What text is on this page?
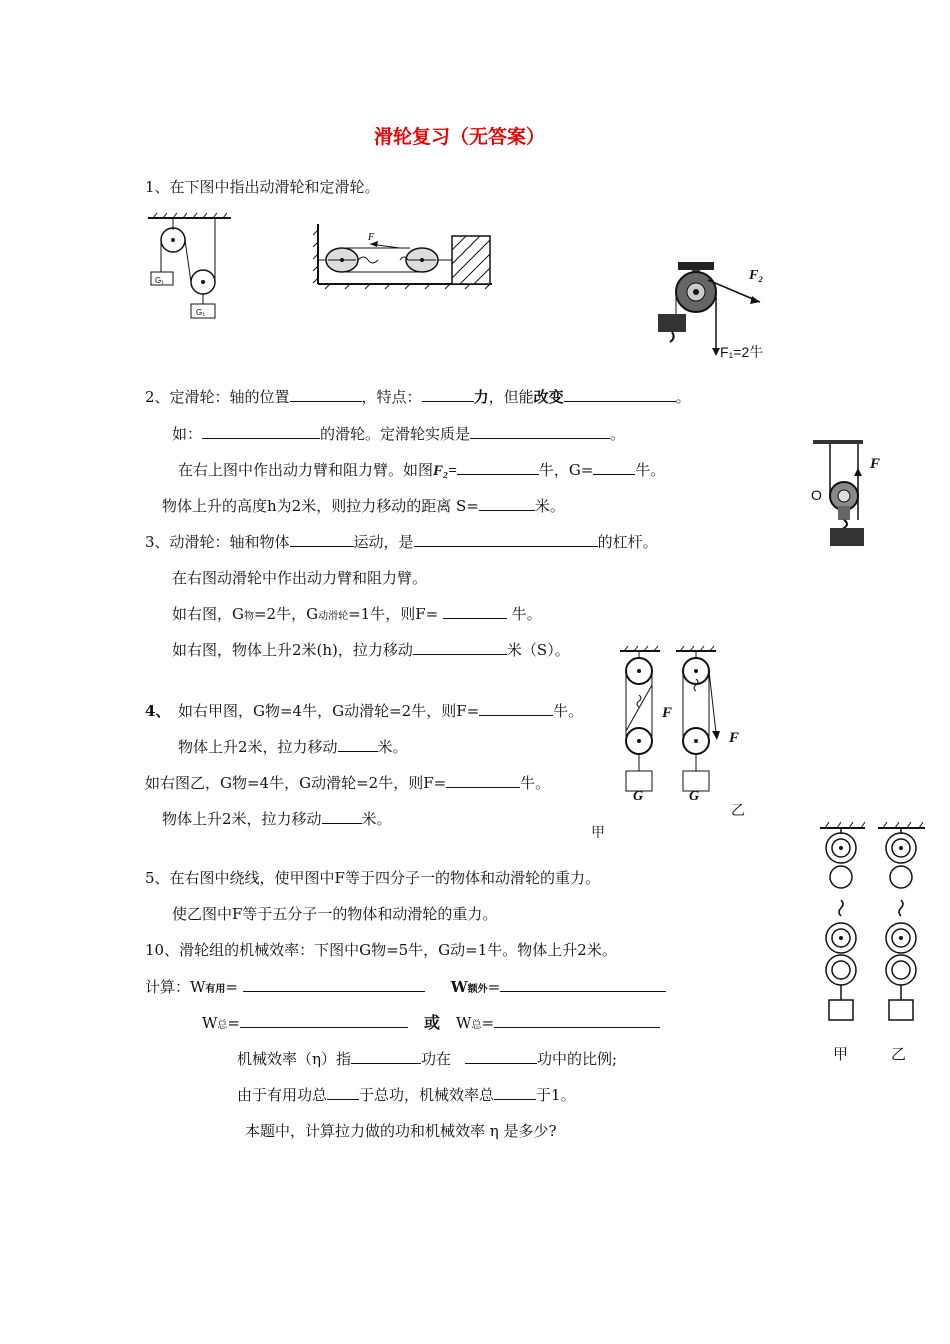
滑轮复习（无答案）
1、在下图中指出动滑轮和定滑轮。
G₁
G₁
F
F₂
F₁=2牛
2、定滑轮：轴的位置	，特点：	力，但能改变	。
如：	的滑轮。定滑轮实质是	。
在右上图中作出动力臂和阻力臂。如图F₂=	牛，G=	牛。
物体上升的高度h为2米，则拉力移动的距离 S=	米。
F
O
3、动滑轮：轴和物体	运动，是	的杠杆。
在右图动滑轮中作出动力臂和阻力臂。
如右图，G物=2牛，G动滑轮=1牛，则F=	牛。
如右图，物体上升2米(h)，拉力移动	米（S）。
F
F
G	G
甲
乙
4、 如右甲图，G物=4牛，G动滑轮=2牛，则F=	牛。
物体上升2米，拉力移动	米。
如右图乙，G物=4牛，G动滑轮=2牛，则F=	牛。
物体上升2米，拉力移动	米。
甲	乙
5、在右图中绕线，使甲图中F等于四分子一的物体和动滑轮的重力。
使乙图中F等于五分子一的物体和动滑轮的重力。
10、滑轮组的机械效率：下图中G物=5牛，G动=1牛。物体上升2米。
计算：W有用=	W额外=
W总=	或 W总=
机械效率（η）指	功在	功中的比例;
由于有用功总 于总功，机械效率总	于1。
本题中，计算拉力做的功和机械效率 η 是多少?
